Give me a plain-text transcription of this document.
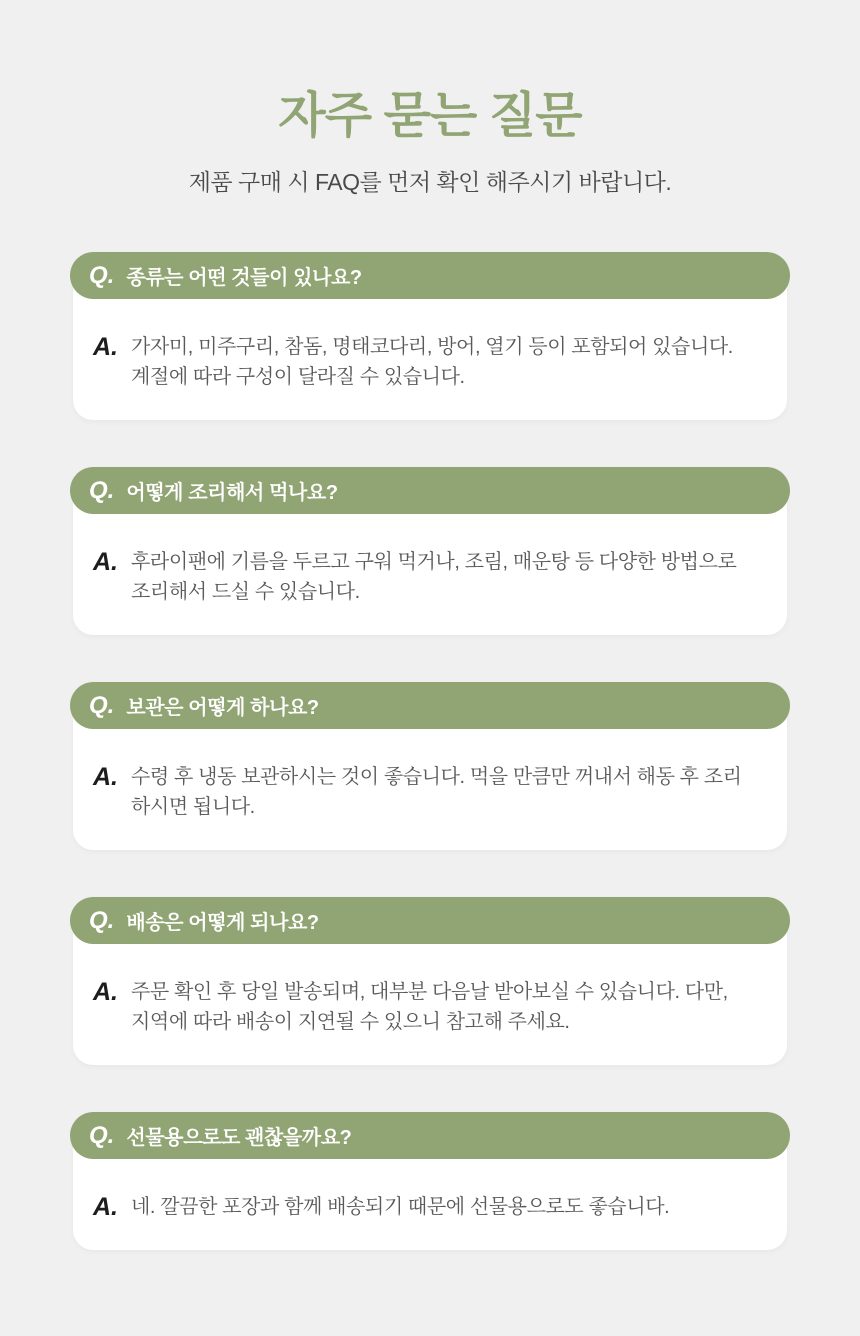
자주 묻는 질문
제품 구매 시 FAQ를 먼저 확인 해주시기 바랍니다.
Q. 종류는 어떤 것들이 있나요?
A. 가자미, 미주구리, 참돔, 명태코다리, 방어, 열기 등이 포함되어 있습니다. 계절에 따라 구성이 달라질 수 있습니다.
Q. 어떻게 조리해서 먹나요?
A. 후라이팬에 기름을 두르고 구워 먹거나, 조림, 매운탕 등 다양한 방법으로 조리해서 드실 수 있습니다.
Q. 보관은 어떻게 하나요?
A. 수령 후 냉동 보관하시는 것이 좋습니다. 먹을 만큼만 꺼내서 해동 후 조리하시면 됩니다.
Q. 배송은 어떻게 되나요?
A. 주문 확인 후 당일 발송되며, 대부분 다음날 받아보실 수 있습니다. 다만, 지역에 따라 배송이 지연될 수 있으니 참고해 주세요.
Q. 선물용으로도 괜찮을까요?
A. 네. 깔끔한 포장과 함께 배송되기 때문에 선물용으로도 좋습니다.
